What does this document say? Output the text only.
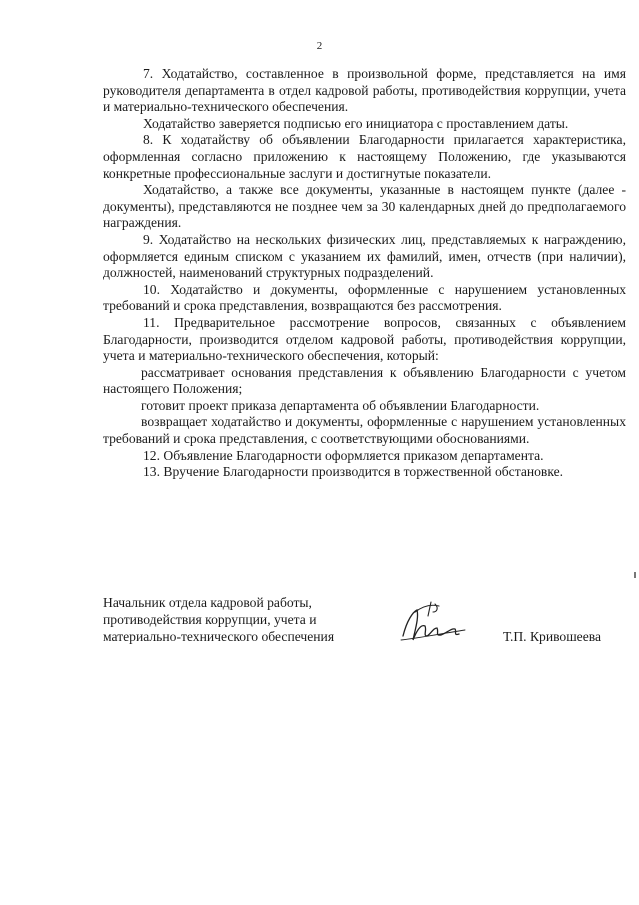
2

7. Ходатайство, составленное в произвольной форме, представляется на имя руководителя департамента в отдел кадровой работы, противодействия коррупции, учета и материально-технического обеспечения.

Ходатайство заверяется подписью его инициатора с проставлением даты.

8. К ходатайству об объявлении Благодарности прилагается характеристика, оформленная согласно приложению к настоящему Положению, где указываются конкретные профессиональные заслуги и достигнутые показатели.

Ходатайство, а также все документы, указанные в настоящем пункте (далее - документы), представляются не позднее чем за 30 календарных дней до предполагаемого награждения.

9. Ходатайство на нескольких физических лиц, представляемых к награждению, оформляется единым списком с указанием их фамилий, имен, отчеств (при наличии), должностей, наименований структурных подразделений.

10. Ходатайство и документы, оформленные с нарушением установленных требований и срока представления, возвращаются без рассмотрения.

11. Предварительное рассмотрение вопросов, связанных с объявлением Благодарности, производится отделом кадровой работы, противодействия коррупции, учета и материально-технического обеспечения, который:

рассматривает основания представления к объявлению Благодарности с учетом настоящего Положения;

готовит проект приказа департамента об объявлении Благодарности.

возвращает ходатайство и документы, оформленные с нарушением установленных требований и срока представления, с соответствующими обоснованиями.

12. Объявление Благодарности оформляется приказом департамента.

13. Вручение Благодарности производится в торжественной обстановке.

Начальник отдела кадровой работы,
противодействия коррупции, учета и
материально-технического обеспечения	Т.П. Кривошеева
